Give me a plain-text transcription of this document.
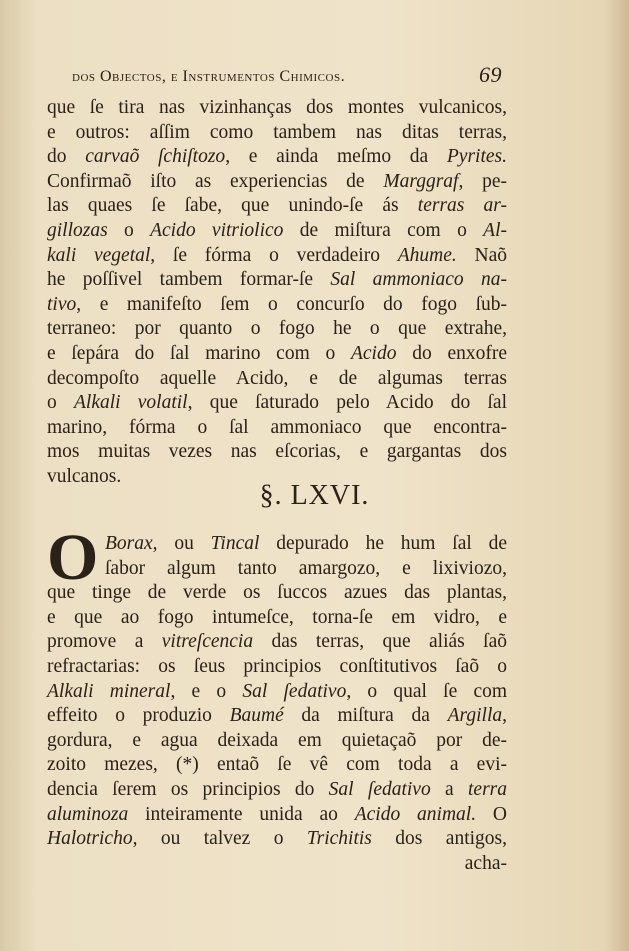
dos Objectos, e Instrumentos Chimicos.	69
que ſe tira nas vizinhanças dos montes vulcanicos,
e outros: aſſim como tambem nas ditas terras,
do carvaõ ſchiſtozo, e ainda meſmo da Pyrites.
Confirmaõ iſto as experiencias de Marggraf, pe-
las quaes ſe ſabe, que unindo-ſe ás terras ar-
gillozas o Acido vitriolico de miſtura com o Al-
kali vegetal, ſe fórma o verdadeiro Ahume. Naõ
he poſſivel tambem formar-ſe Sal ammoniaco na-
tivo, e manifeſto ſem o concurſo do fogo ſub-
terraneo: por quanto o fogo he o que extrahe,
e ſepára do ſal marino com o Acido do enxofre
decompoſto aquelle Acido, e de algumas terras
o Alkali volatil, que ſaturado pelo Acido do ſal
marino, fórma o ſal ammoniaco que encontra-
mos muitas vezes nas eſcorias, e gargantas dos
vulcanos.
§. LXVI.
O Borax, ou Tincal depurado he hum ſal de
ſabor algum tanto amargozo, e lixiviozo,
que tinge de verde os ſuccos azues das plantas,
e que ao fogo intumeſce, torna-ſe em vidro, e
promove a vitreſcencia das terras, que aliás ſaõ
refractarias: os ſeus principios conſtitutivos ſaõ o
Alkali mineral, e o Sal ſedativo, o qual ſe com
effeito o produzio Baumé da miſtura da Argilla,
gordura, e agua deixada em quietaçaõ por de-
zoito mezes, (*) entaõ ſe vê com toda a evi-
dencia ſerem os principios do Sal ſedativo a terra
aluminoza inteiramente unida ao Acido animal. O
Halotricho, ou talvez o Trichitis dos antigos,
acha-
